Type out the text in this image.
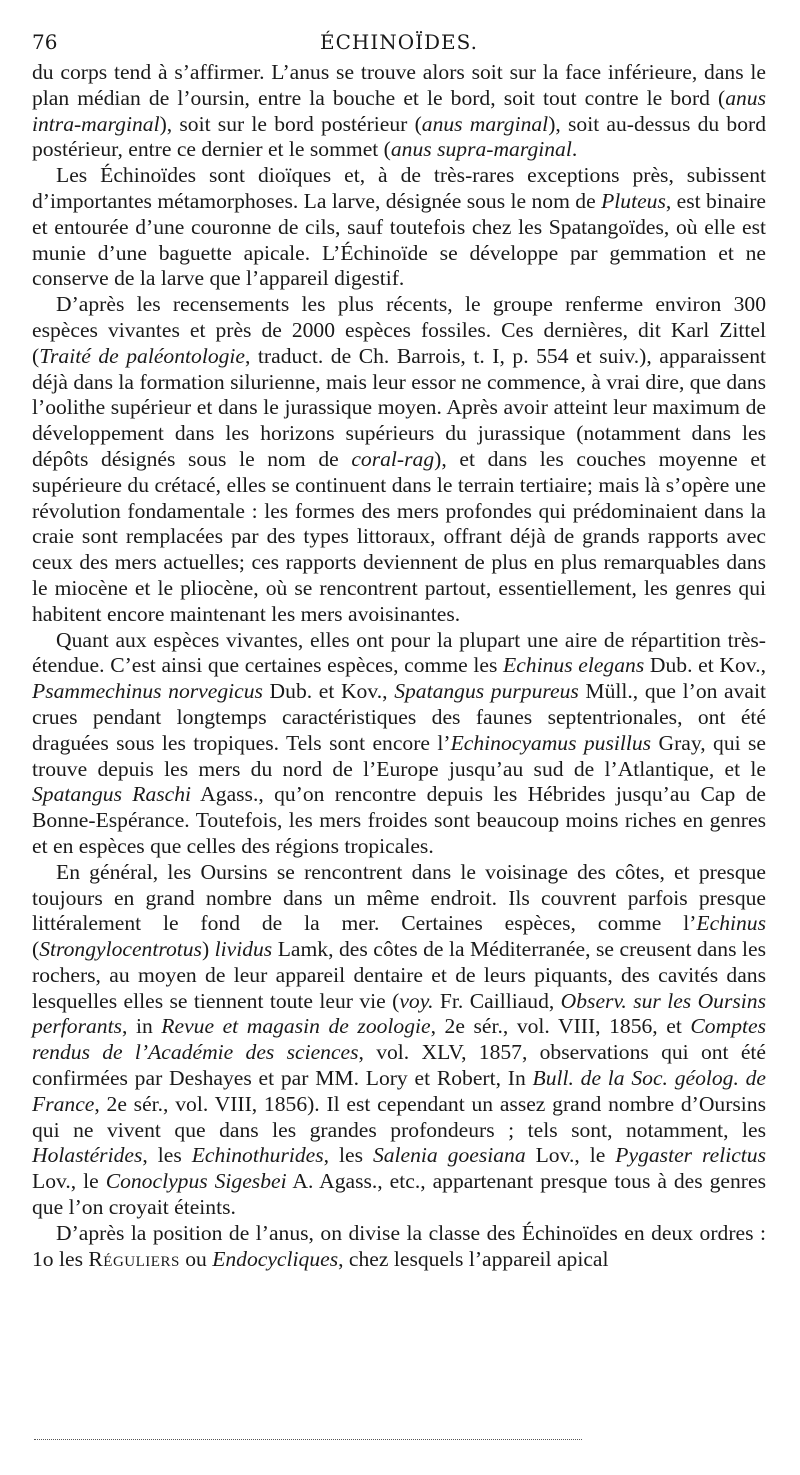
76	ÉCHINOÏDES.

du corps tend à s’affirmer. L’anus se trouve alors soit sur la face inférieure, dans le plan médian de l’oursin, entre la bouche et le bord, soit tout contre le bord (anus intra-marginal), soit sur le bord postérieur (anus marginal), soit au-dessus du bord postérieur, entre ce dernier et le sommet (anus supra-marginal.

Les Échinoïdes sont dioïques et, à de très-rares exceptions près, subissent d’importantes métamorphoses. La larve, désignée sous le nom de Pluteus, est binaire et entourée d’une couronne de cils, sauf toutefois chez les Spatangoïdes, où elle est munie d’une baguette apicale. L’Échinoïde se développe par gemmation et ne conserve de la larve que l’appareil digestif.

D’après les recensements les plus récents, le groupe renferme environ 300 espèces vivantes et près de 2000 espèces fossiles. Ces dernières, dit Karl Zittel (Traité de paléontologie, traduct. de Ch. Barrois, t. I, p. 554 et suiv.), apparaissent déjà dans la formation silurienne, mais leur essor ne commence, à vrai dire, que dans l’oolithe supérieur et dans le jurassique moyen. Après avoir atteint leur maximum de développement dans les horizons supérieurs du jurassique (notamment dans les dépôts désignés sous le nom de coral-rag), et dans les couches moyenne et supérieure du crétacé, elles se continuent dans le terrain tertiaire; mais là s’opère une révolution fondamentale : les formes des mers profondes qui prédominaient dans la craie sont remplacées par des types littoraux, offrant déjà de grands rapports avec ceux des mers actuelles; ces rapports deviennent de plus en plus remarquables dans le miocène et le pliocène, où se rencontrent partout, essentiellement, les genres qui habitent encore maintenant les mers avoisinantes.

Quant aux espèces vivantes, elles ont pour la plupart une aire de répartition très-étendue. C’est ainsi que certaines espèces, comme les Echinus elegans Dub. et Kov., Psammechinus norvegicus Dub. et Kov., Spatangus purpureus Müll., que l’on avait crues pendant longtemps caractéristiques des faunes septentrionales, ont été draguées sous les tropiques. Tels sont encore l’Echinocyamus pusillus Gray, qui se trouve depuis les mers du nord de l’Europe jusqu’au sud de l’Atlantique, et le Spatangus Raschi Agass., qu’on rencontre depuis les Hébrides jusqu’au Cap de Bonne-Espérance. Toutefois, les mers froides sont beaucoup moins riches en genres et en espèces que celles des régions tropicales.

En général, les Oursins se rencontrent dans le voisinage des côtes, et presque toujours en grand nombre dans un même endroit. Ils couvrent parfois presque littéralement le fond de la mer. Certaines espèces, comme l’Echinus (Strongylocentrotus) lividus Lamk, des côtes de la Méditerranée, se creusent dans les rochers, au moyen de leur appareil dentaire et de leurs piquants, des cavités dans lesquelles elles se tiennent toute leur vie (voy. Fr. Cailliaud, Observ. sur les Oursins perforants, in Revue et magasin de zoologie, 2e sér., vol. VIII, 1856, et Comptes rendus de l’Académie des sciences, vol. XLV, 1857, observations qui ont été confirmées par Deshayes et par MM. Lory et Robert, In Bull. de la Soc. géolog. de France, 2e sér., vol. VIII, 1856). Il est cependant un assez grand nombre d’Oursins qui ne vivent que dans les grandes profondeurs ; tels sont, notamment, les Holastérides, les Echinothurides, les Salenia goesiana Lov., le Pygaster relictus Lov., le Conoclypus Sigesbei A. Agass., etc., appartenant presque tous à des genres que l’on croyait éteints.

D’après la position de l’anus, on divise la classe des Échinoïdes en deux ordres : 1o les Réguliers ou Endocycliques, chez lesquels l’appareil apical
